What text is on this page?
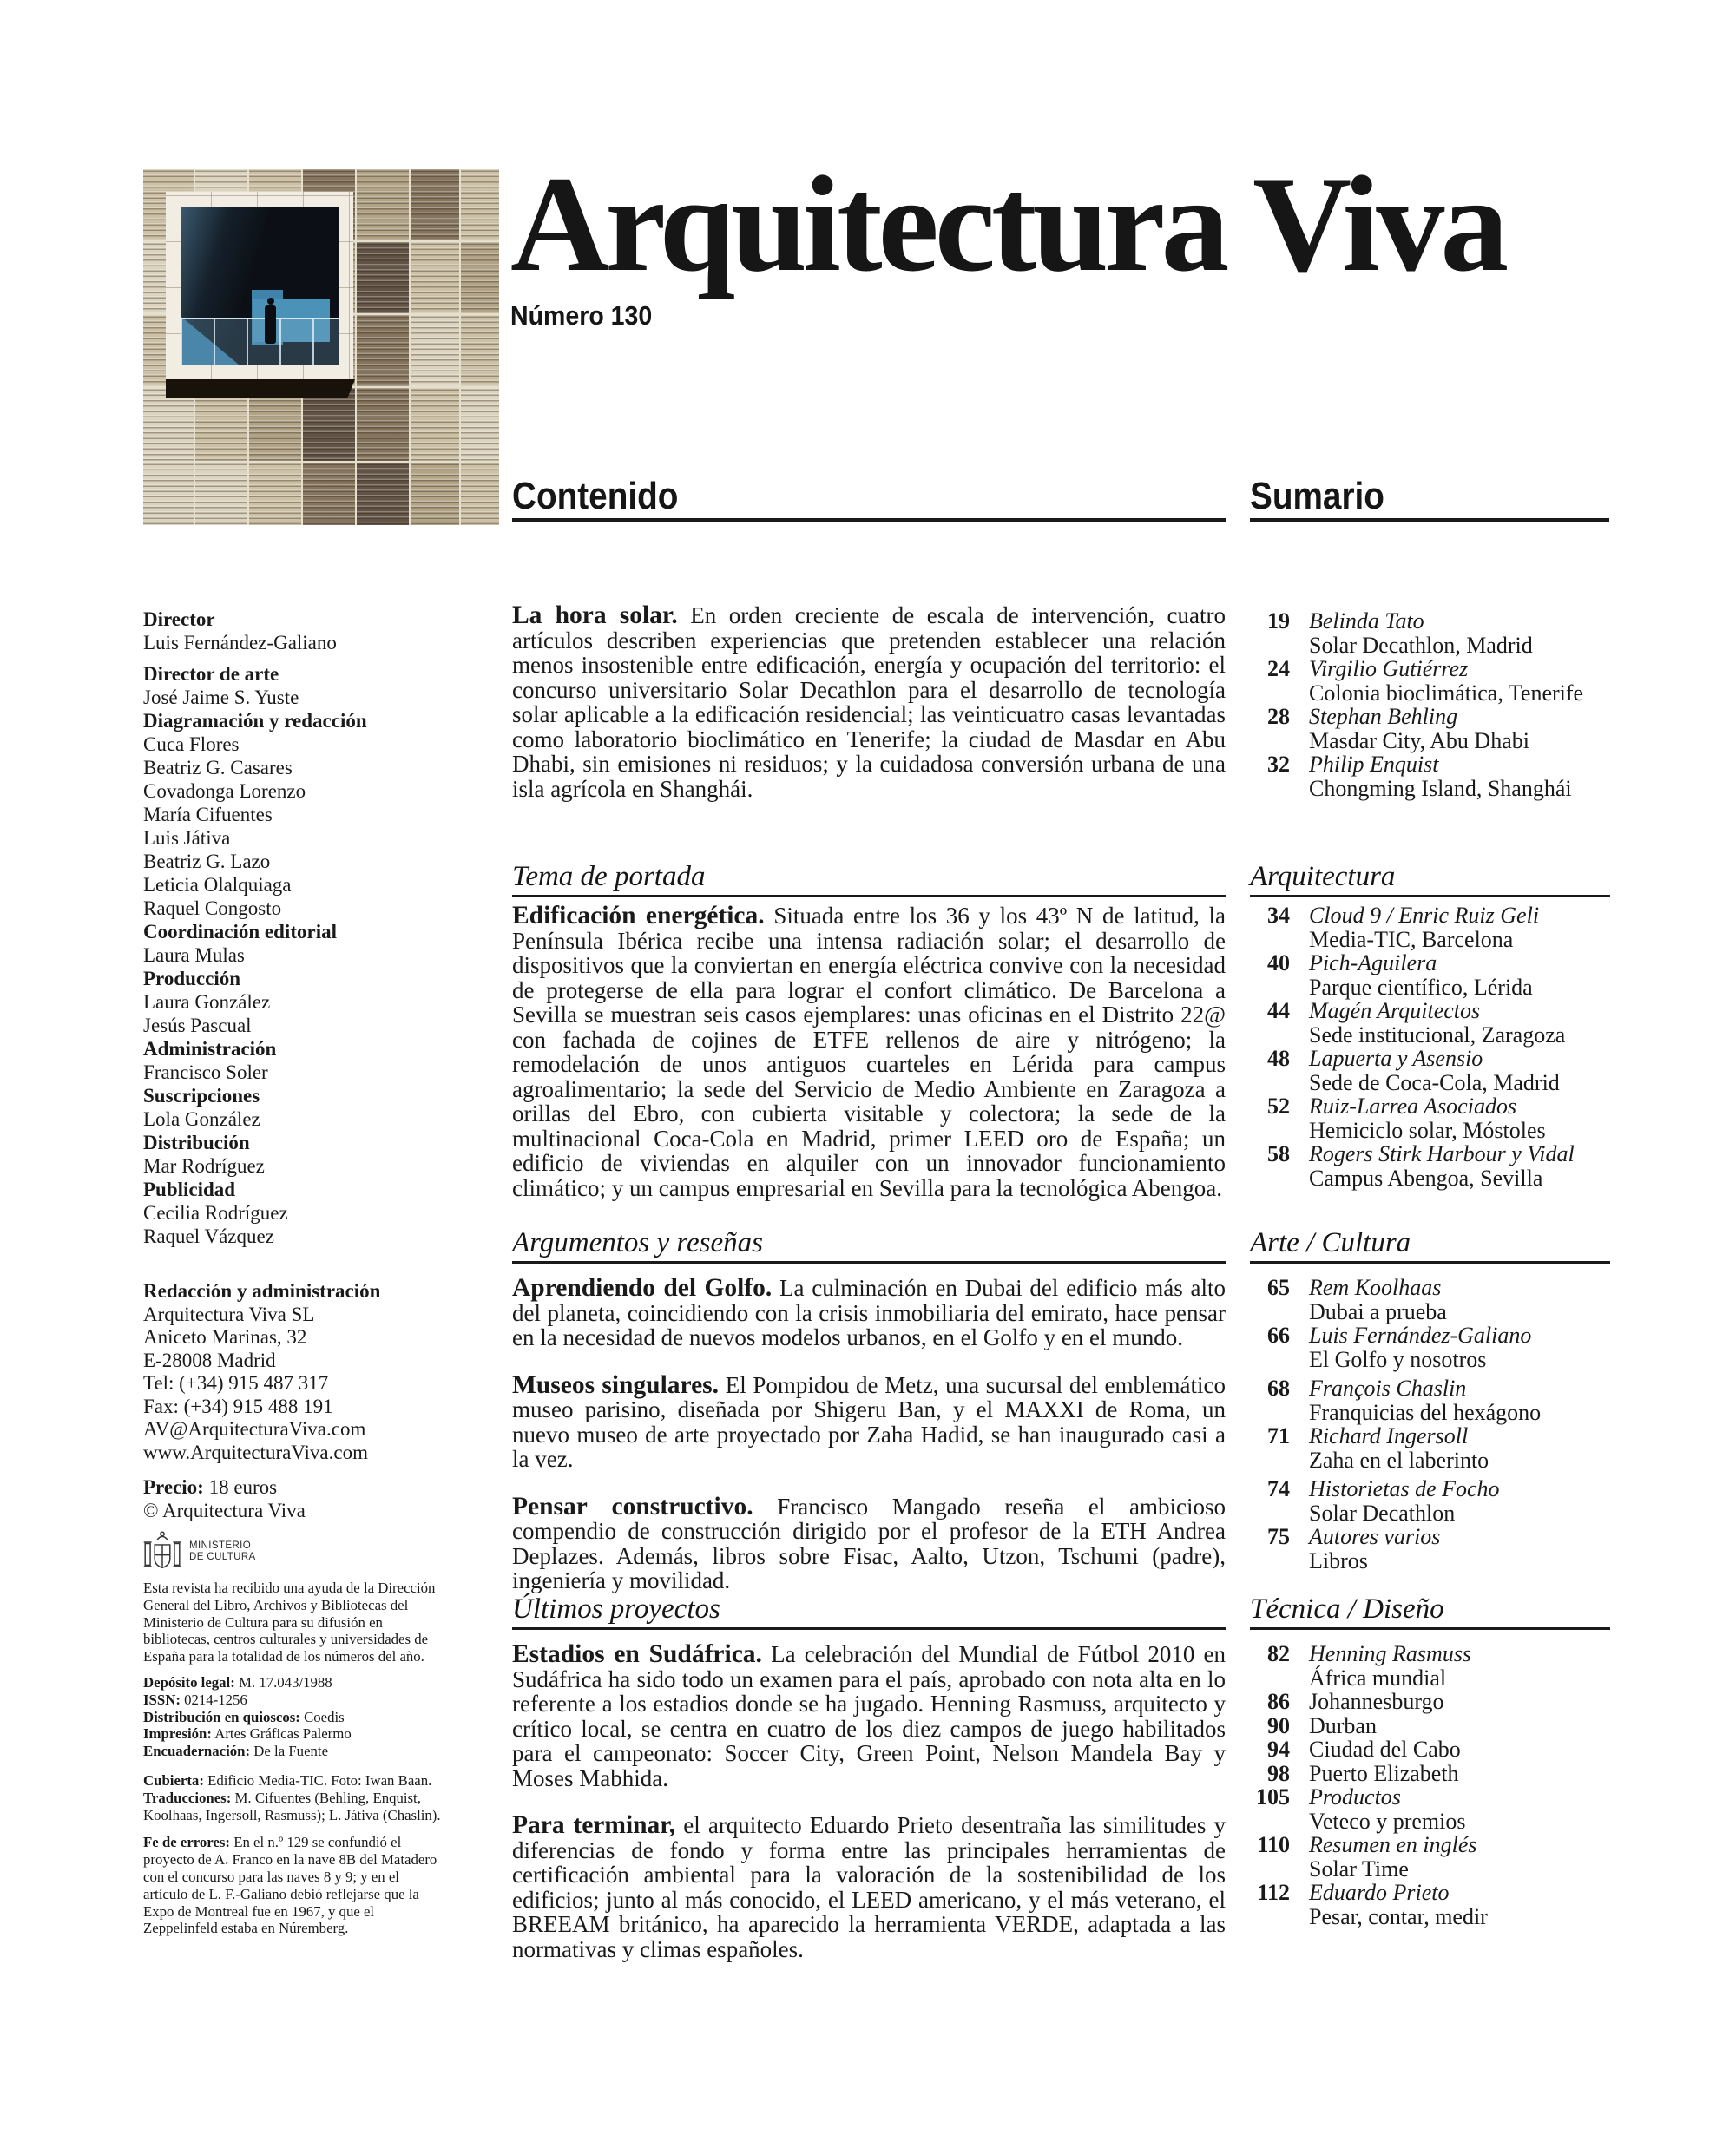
Arquitectura Viva
Número 130
Contenido	Sumario
Director
Luis Fernández-Galiano
Director de arte
José Jaime S. Yuste
Diagramación y redacción
Cuca Flores
Beatriz G. Casares
Covadonga Lorenzo
María Cifuentes
Luis Játiva
Beatriz G. Lazo
Leticia Olalquiaga
Raquel Congosto
Coordinación editorial
Laura Mulas
Producción
Laura González
Jesús Pascual
Administración
Francisco Soler
Suscripciones
Lola González
Distribución
Mar Rodríguez
Publicidad
Cecilia Rodríguez
Raquel Vázquez
Redacción y administración
Arquitectura Viva SL
Aniceto Marinas, 32
E-28008 Madrid
Tel: (+34) 915 487 317
Fax: (+34) 915 488 191
AV@ArquitecturaViva.com
www.ArquitecturaViva.com
Precio: 18 euros
© Arquitectura Viva
MINISTERIO
DE CULTURA

Esta revista ha recibido una ayuda de la Dirección General del Libro, Archivos y Bibliotecas del Ministerio de Cultura para su difusión en bibliotecas, centros culturales y universidades de España para la totalidad de los números del año.

Depósito legal: M. 17.043/1988
ISSN: 0214-1256
Distribución en quioscos: Coedis
Impresión: Artes Gráficas Palermo
Encuadernación: De la Fuente

Cubierta: Edificio Media-TIC. Foto: Iwan Baan.

Traducciones: M. Cifuentes (Behling, Enquist, Koolhaas, Ingersoll, Rasmuss); L. Játiva (Chaslin).

Fe de errores: En el n.º 129 se confundió el proyecto de A. Franco en la nave 8B del Matadero con el concurso para las naves 8 y 9; y en el artículo de L. F.-Galiano debió reflejarse que la Expo de Montreal fue en 1967, y que el Zeppelinfeld estaba en Núremberg.

La hora solar. En orden creciente de escala de intervención, cuatro artículos describen experiencias que pretenden establecer una relación menos insostenible entre edificación, energía y ocupación del territorio: el concurso universitario Solar Decathlon para el desarrollo de tecnología solar aplicable a la edificación residencial; las veinticuatro casas levantadas como laboratorio bioclimático en Tenerife; la ciudad de Masdar en Abu Dhabi, sin emisiones ni residuos; y la cuidadosa conversión urbana de una isla agrícola en Shanghái.

Tema de portada

Edificación energética. Situada entre los 36 y los 43º N de latitud, la Península Ibérica recibe una intensa radiación solar; el desarrollo de dispositivos que la conviertan en energía eléctrica convive con la necesidad de protegerse de ella para lograr el confort climático. De Barcelona a Sevilla se muestran seis casos ejemplares: unas oficinas en el Distrito 22@ con fachada de cojines de ETFE rellenos de aire y nitrógeno; la remodelación de unos antiguos cuarteles en Lérida para campus agroalimentario; la sede del Servicio de Medio Ambiente en Zaragoza a orillas del Ebro, con cubierta visitable y colectora; la sede de la multinacional Coca-Cola en Madrid, primer LEED oro de España; un edificio de viviendas en alquiler con un innovador funcionamiento climático; y un campus empresarial en Sevilla para la tecnológica Abengoa.

Argumentos y reseñas

Aprendiendo del Golfo. La culminación en Dubai del edificio más alto del planeta, coincidiendo con la crisis inmobiliaria del emirato, hace pensar en la necesidad de nuevos modelos urbanos, en el Golfo y en el mundo.

Museos singulares. El Pompidou de Metz, una sucursal del emblemático museo parisino, diseñada por Shigeru Ban, y el MAXXI de Roma, un nuevo museo de arte proyectado por Zaha Hadid, se han inaugurado casi a la vez.

Pensar constructivo. Francisco Mangado reseña el ambicioso compendio de construcción dirigido por el profesor de la ETH Andrea Deplazes. Además, libros sobre Fisac, Aalto, Utzon, Tschumi (padre), ingeniería y movilidad.

Últimos proyectos

Estadios en Sudáfrica. La celebración del Mundial de Fútbol 2010 en Sudáfrica ha sido todo un examen para el país, aprobado con nota alta en lo referente a los estadios donde se ha jugado. Henning Rasmuss, arquitecto y crítico local, se centra en cuatro de los diez campos de juego habilitados para el campeonato: Soccer City, Green Point, Nelson Mandela Bay y Moses Mabhida.

Para terminar, el arquitecto Eduardo Prieto desentraña las similitudes y diferencias de fondo y forma entre las principales herramientas de certificación ambiental para la valoración de la sostenibilidad de los edificios; junto al más conocido, el LEED americano, y el más veterano, el BREEAM británico, ha aparecido la herramienta VERDE, adaptada a las normativas y climas españoles.

19 Belinda Tato
Solar Decathlon, Madrid
24 Virgilio Gutiérrez
Colonia bioclimática, Tenerife
28 Stephan Behling
Masdar City, Abu Dhabi
32 Philip Enquist
Chongming Island, Shanghái
Arquitectura
34 Cloud 9 / Enric Ruiz Geli
Media-TIC, Barcelona
40 Pich-Aguilera
Parque científico, Lérida
44 Magén Arquitectos
Sede institucional, Zaragoza
48 Lapuerta y Asensio
Sede de Coca-Cola, Madrid
52 Ruiz-Larrea Asociados
Hemiciclo solar, Móstoles
58 Rogers Stirk Harbour y Vidal
Campus Abengoa, Sevilla
Arte / Cultura
65 Rem Koolhaas
Dubai a prueba
66 Luis Fernández-Galiano
El Golfo y nosotros
68 François Chaslin
Franquicias del hexágono
71 Richard Ingersoll
Zaha en el laberinto
74 Historietas de Focho
Solar Decathlon
75 Autores varios
Libros
Técnica / Diseño
82 Henning Rasmuss
África mundial
86 Johannesburgo
90 Durban
94 Ciudad del Cabo
98 Puerto Elizabeth
105 Productos
Veteco y premios
110 Resumen en inglés
Solar Time
112 Eduardo Prieto
Pesar, contar, medir
